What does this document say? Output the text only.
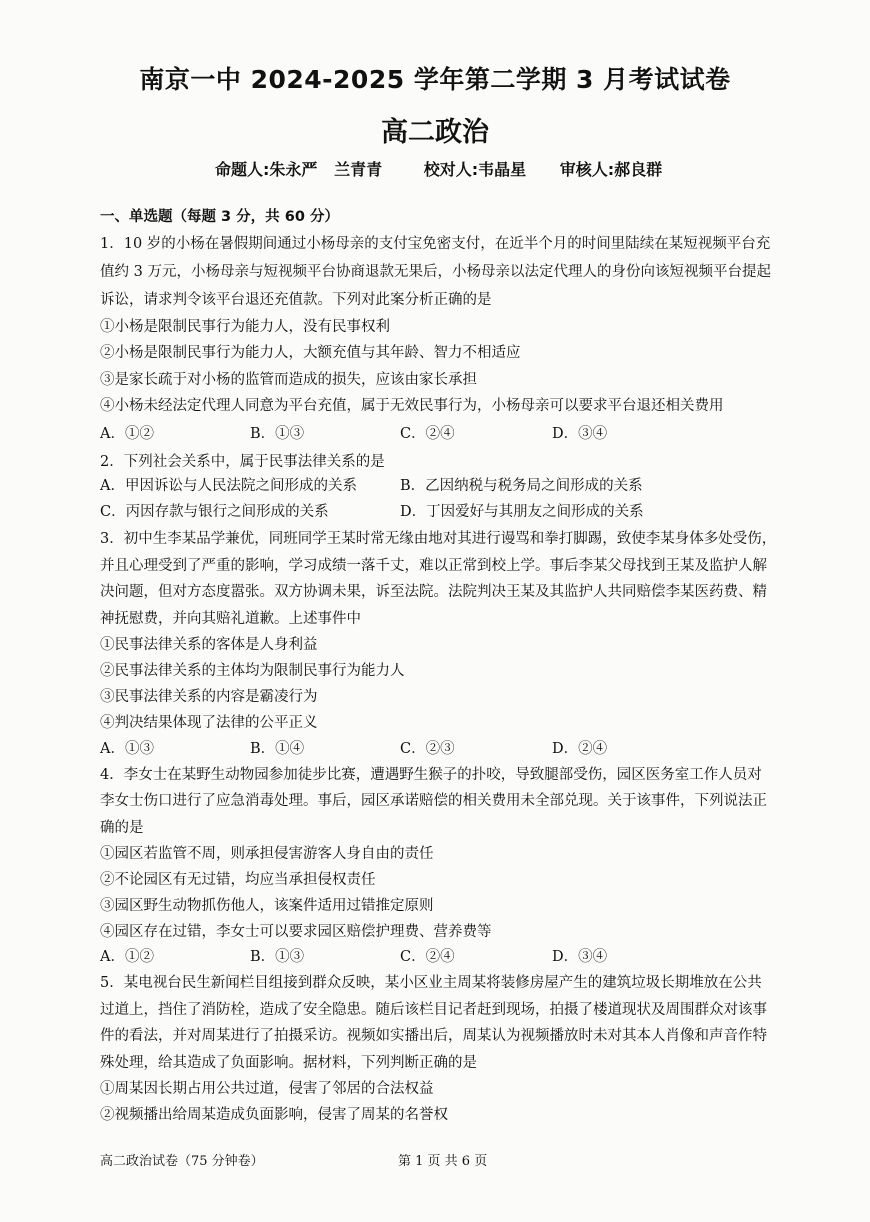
南京一中 2024-2025 学年第二学期 3 月考试试卷
高二政治
命题人:朱永严   兰青青	校对人:韦晶星 审核人:郝良群
一、单选题（每题 3 分，共 60 分）
1．10 岁的小杨在暑假期间通过小杨母亲的支付宝免密支付，在近半个月的时间里陆续在某短视频平台充
值约 3 万元，小杨母亲与短视频平台协商退款无果后，小杨母亲以法定代理人的身份向该短视频平台提起
诉讼，请求判令该平台退还充值款。下列对此案分析正确的是
①小杨是限制民事行为能力人，没有民事权利
②小杨是限制民事行为能力人，大额充值与其年龄、智力不相适应
③是家长疏于对小杨的监管而造成的损失，应该由家长承担
④小杨未经法定代理人同意为平台充值，属于无效民事行为，小杨母亲可以要求平台退还相关费用
A．①②	B．①③	C．②④	D．③④
2．下列社会关系中，属于民事法律关系的是
A．甲因诉讼与人民法院之间形成的关系	B．乙因纳税与税务局之间形成的关系
C．丙因存款与银行之间形成的关系	D．丁因爱好与其朋友之间形成的关系
3．初中生李某品学兼优，同班同学王某时常无缘由地对其进行谩骂和拳打脚踢，致使李某身体多处受伤，
并且心理受到了严重的影响，学习成绩一落千丈，难以正常到校上学。事后李某父母找到王某及监护人解
决问题，但对方态度嚣张。双方协调未果，诉至法院。法院判决王某及其监护人共同赔偿李某医药费、精
神抚慰费，并向其赔礼道歉。上述事件中
①民事法律关系的客体是人身利益
②民事法律关系的主体均为限制民事行为能力人
③民事法律关系的内容是霸凌行为
④判决结果体现了法律的公平正义
A．①③	B．①④	C．②③	D．②④
4．李女士在某野生动物园参加徒步比赛，遭遇野生猴子的扑咬，导致腿部受伤，园区医务室工作人员对
李女士伤口进行了应急消毒处理。事后，园区承诺赔偿的相关费用未全部兑现。关于该事件，下列说法正
确的是
①园区若监管不周，则承担侵害游客人身自由的责任
②不论园区有无过错，均应当承担侵权责任
③园区野生动物抓伤他人，该案件适用过错推定原则
④园区存在过错，李女士可以要求园区赔偿护理费、营养费等
A．①②	B．①③	C．②④	D．③④
5．某电视台民生新闻栏目组接到群众反映，某小区业主周某将装修房屋产生的建筑垃圾长期堆放在公共
过道上，挡住了消防栓，造成了安全隐患。随后该栏目记者赶到现场，拍摄了楼道现状及周围群众对该事
件的看法，并对周某进行了拍摄采访。视频如实播出后，周某认为视频播放时未对其本人肖像和声音作特
殊处理，给其造成了负面影响。据材料，下列判断正确的是
①周某因长期占用公共过道，侵害了邻居的合法权益
②视频播出给周某造成负面影响，侵害了周某的名誉权
高二政治试卷（75 分钟卷）	第 1 页 共 6 页
